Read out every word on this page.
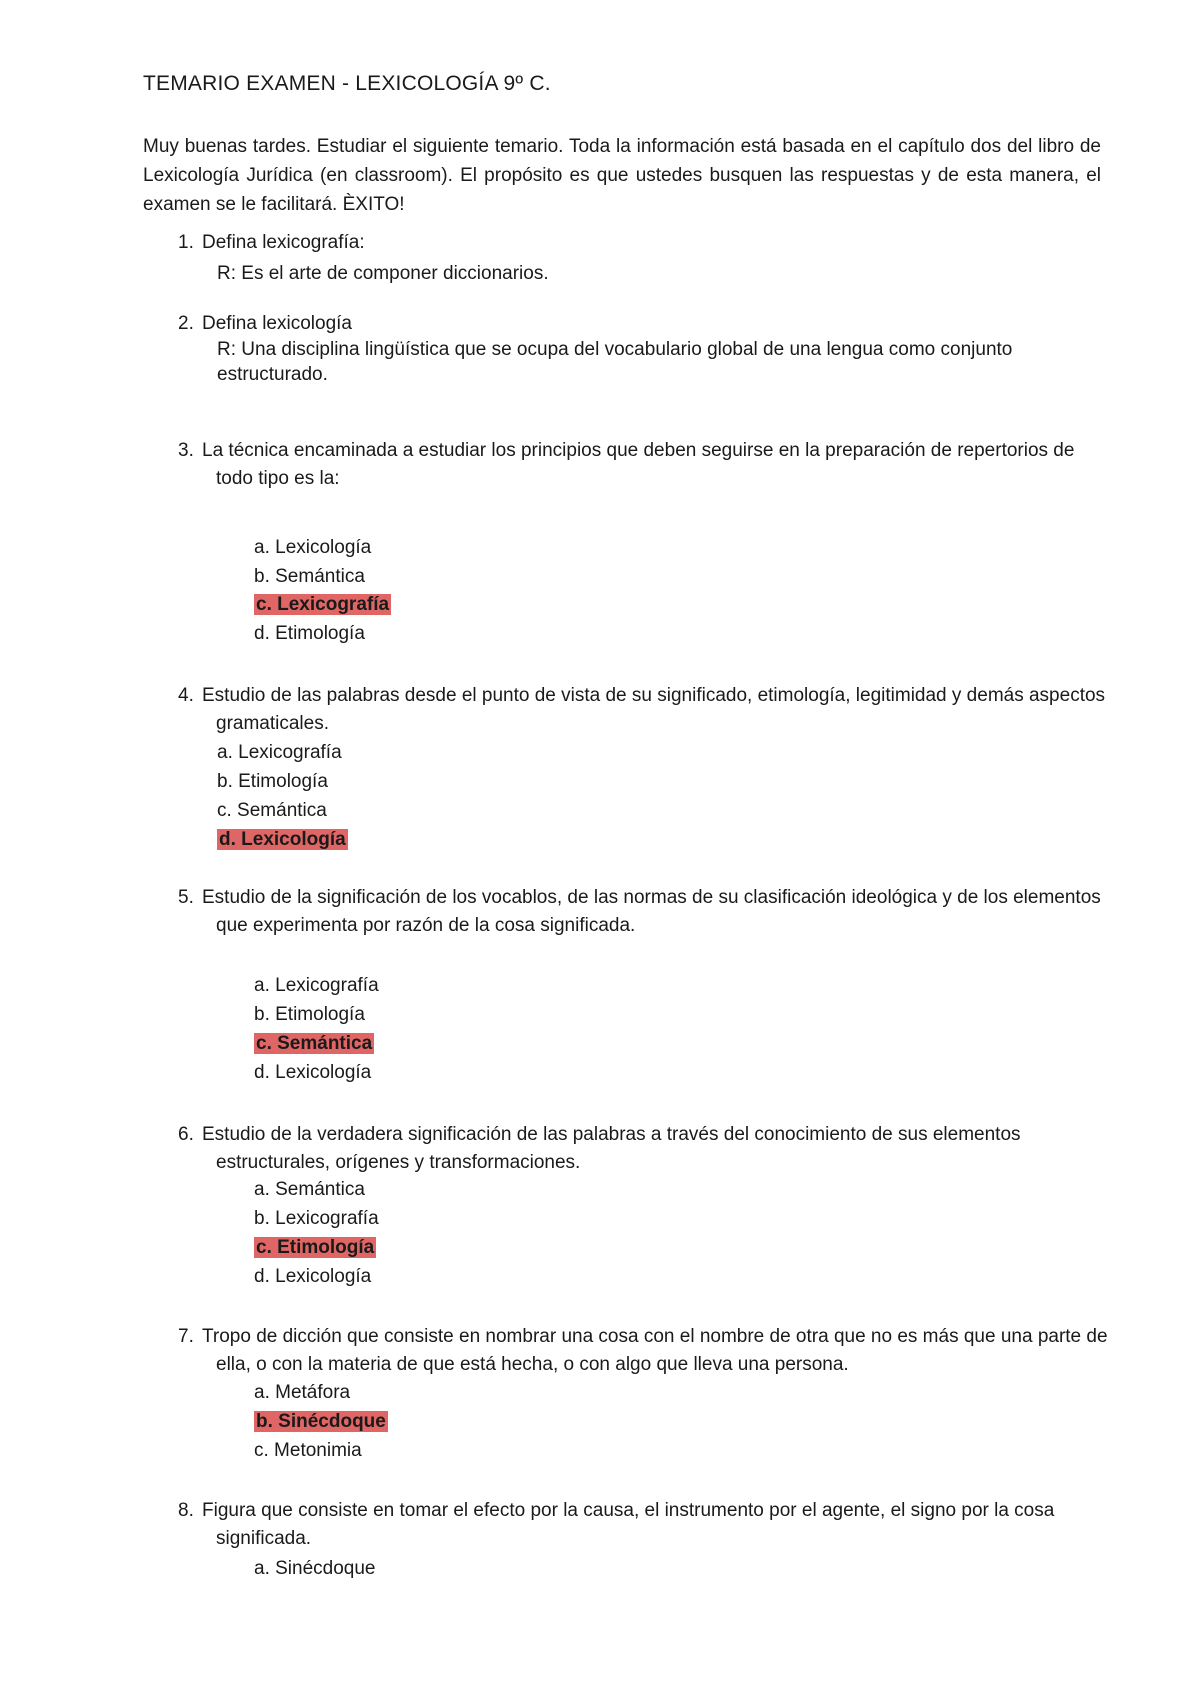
TEMARIO EXAMEN - LEXICOLOGÍA 9º C.
Muy buenas tardes. Estudiar el siguiente temario. Toda la información está basada en el capítulo dos del libro de Lexicología Jurídica (en classroom). El propósito es que ustedes busquen las respuestas y de esta manera, el examen se le facilitará. ÈXITO!
1. Defina lexicografía:
R: Es el arte de componer diccionarios.
2. Defina lexicología
R: Una disciplina lingüística que se ocupa del vocabulario global de una lengua como conjunto estructurado.
3. La técnica encaminada a estudiar los principios que deben seguirse en la preparación de repertorios de todo tipo es la:
a. Lexicología
b. Semántica
c. Lexicografía
d. Etimología
4. Estudio de las palabras desde el punto de vista de su significado, etimología, legitimidad y demás aspectos gramaticales.
a. Lexicografía
b. Etimología
c. Semántica
d. Lexicología
5. Estudio de la significación de los vocablos, de las normas de su clasificación ideológica y de los elementos que experimenta por razón de la cosa significada.
a. Lexicografía
b. Etimología
c. Semántica
d. Lexicología
6. Estudio de la verdadera significación de las palabras a través del conocimiento de sus elementos estructurales, orígenes y transformaciones.
a. Semántica
b. Lexicografía
c. Etimología
d. Lexicología
7. Tropo de dicción que consiste en nombrar una cosa con el nombre de otra que no es más que una parte de ella, o con la materia de que está hecha, o con algo que lleva una persona.
a. Metáfora
b. Sinécdoque
c. Metonimia
8. Figura que consiste en tomar el efecto por la causa, el instrumento por el agente, el signo por la cosa significada.
a. Sinécdoque
